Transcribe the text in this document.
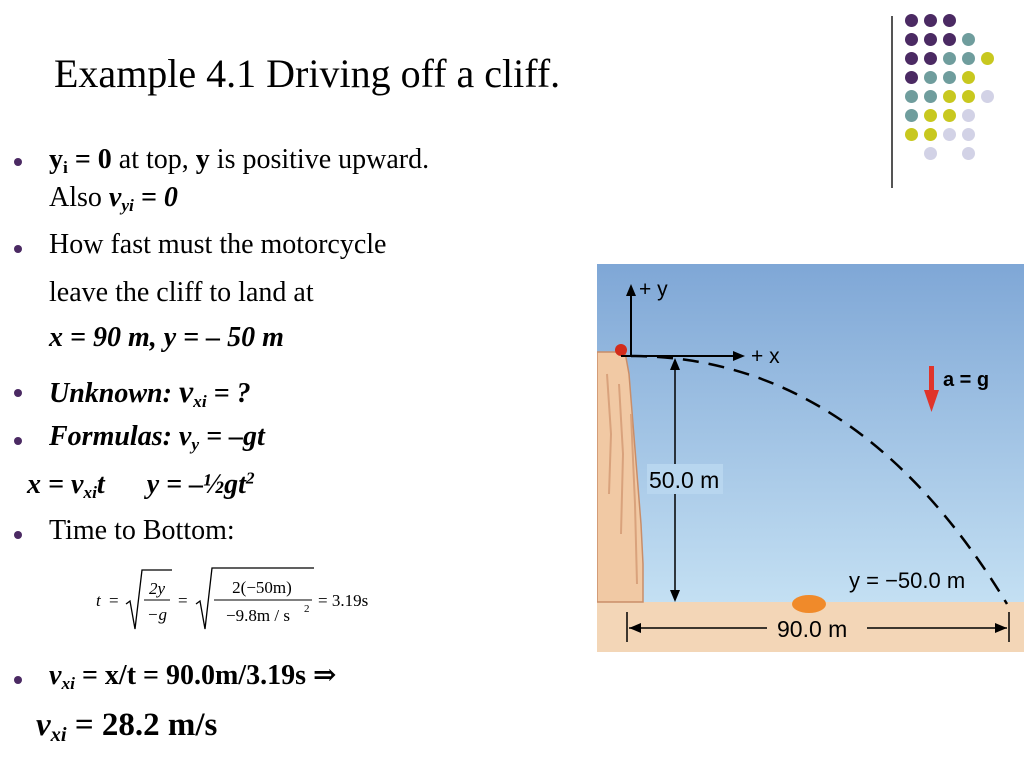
Example 4.1 Driving off a cliff.
$y_i = 0$ at top, y is positive upward.
Also $v_{yi} = 0$
How fast must the motorcycle
leave the cliff to land at
x = 90 m, y = – 50 m
Unknown: $v_{xi}$ = ?
Formulas: $v_y = -gt$
$x = v_{xi}t$ $y = -\frac{1}{2}gt^2$
Time to Bottom:
t =
2y
−g
=
2(−50m)
−9.8m / s 2 = 3.19s
$v_{xi} = x/t = 90.0m/3.19s$ ⇒
$v_{xi} = 28.2$ m/s
+ y
+ x
a = g
50.0 m
y = −50.0 m
90.0 m
